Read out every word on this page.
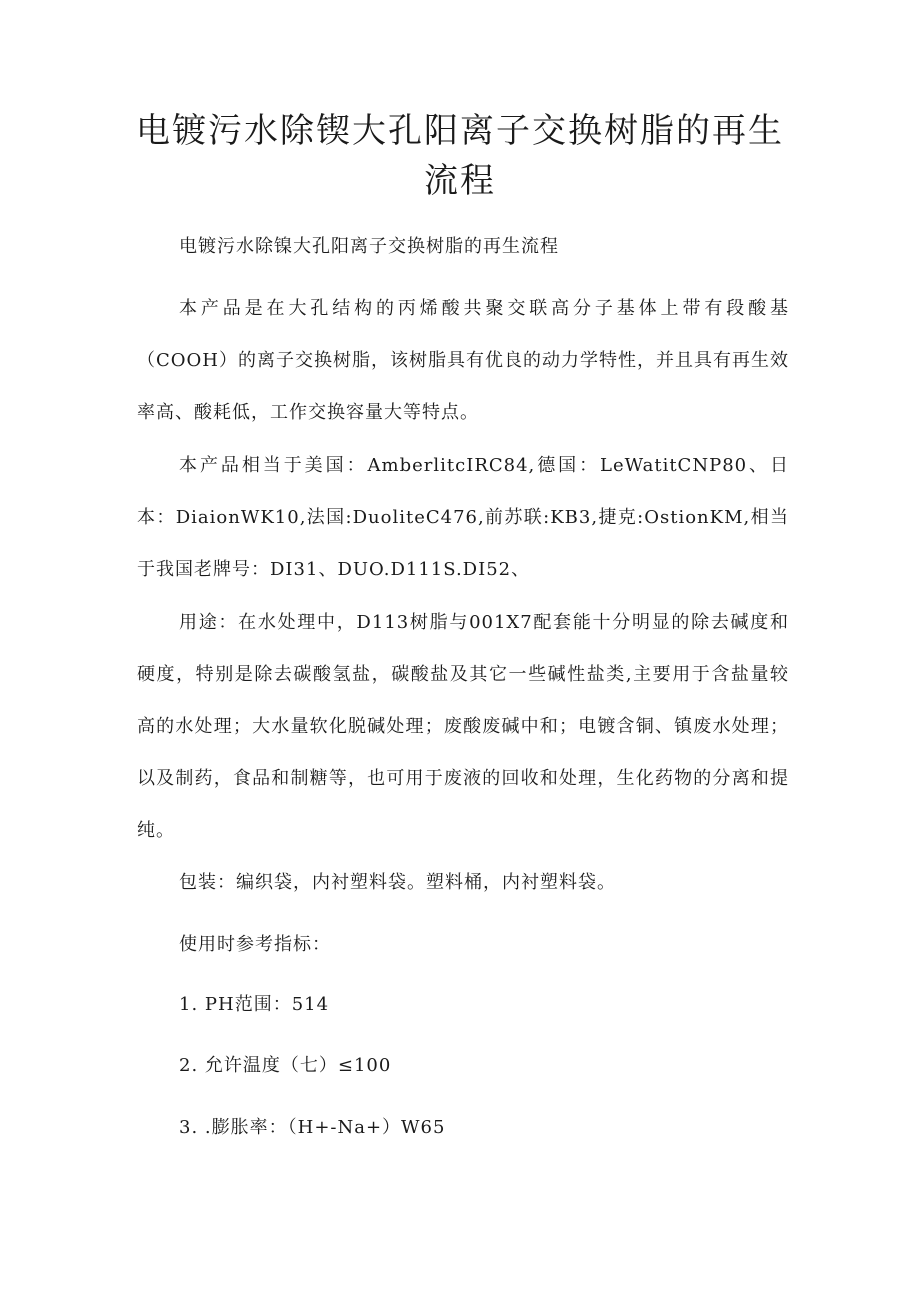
电镀污水除锲大孔阳离子交换树脂的再生流程

电镀污水除镍大孔阳离子交换树脂的再生流程

本产品是在大孔结构的丙烯酸共聚交联高分子基体上带有段酸基（COOH）的离子交换树脂，该树脂具有优良的动力学特性，并且具有再生效率高、酸耗低，工作交换容量大等特点。

本产品相当于美国：AmberlitcIRC84,德国：LeWatitCNP80、日本：DiaionWK10,法国:DuoliteC476,前苏联:KB3,捷克:OstionKM,相当于我国老牌号：DI31、DUO.D111S.DI52、

用途：在水处理中，D113树脂与001X7配套能十分明显的除去碱度和硬度，特别是除去碳酸氢盐，碳酸盐及其它一些碱性盐类,主要用于含盐量较高的水处理；大水量软化脱碱处理；废酸废碱中和；电镀含铜、镇废水处理；以及制药，食品和制糖等，也可用于废液的回收和处理，生化药物的分离和提纯。

包装：编织袋，内衬塑料袋。塑料桶，内衬塑料袋。

使用时参考指标：

1. PH范围：514

2. 允许温度（七）≤100

3. .膨胀率：（H+-Na+）W65
